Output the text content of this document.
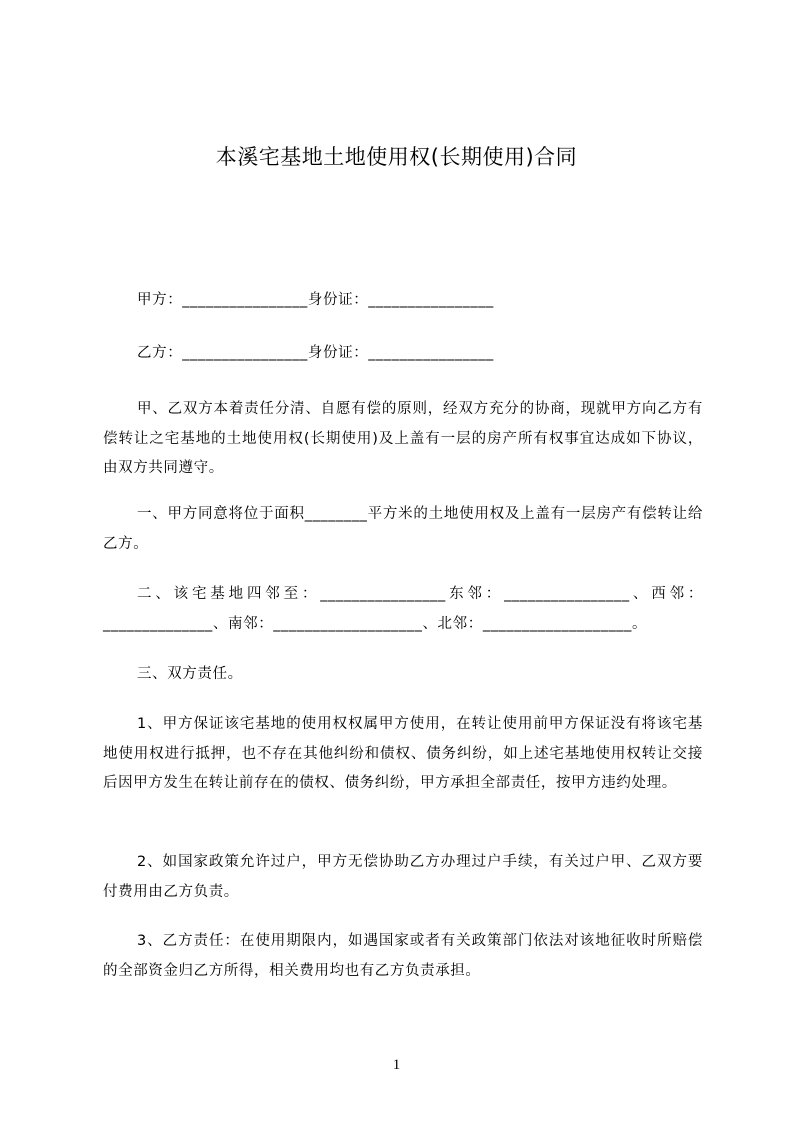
本溪宅基地土地使用权(长期使用)合同
甲方：________________身份证：________________
乙方：________________身份证：________________
甲、乙双方本着责任分清、自愿有偿的原则，经双方充分的协商，现就甲方向乙方有偿转让之宅基地的土地使用权(长期使用)及上盖有一层的房产所有权事宜达成如下协议，由双方共同遵守。
一、甲方同意将位于面积________平方米的土地使用权及上盖有一层房产有偿转让给乙方。
二、该宅基地四邻至：________________东邻：________________、西邻：______________、南邻：___________________、北邻：___________________。
三、双方责任。
1、甲方保证该宅基地的使用权权属甲方使用，在转让使用前甲方保证没有将该宅基地使用权进行抵押，也不存在其他纠纷和债权、债务纠纷，如上述宅基地使用权转让交接后因甲方发生在转让前存在的债权、债务纠纷，甲方承担全部责任，按甲方违约处理。
2、如国家政策允许过户，甲方无偿协助乙方办理过户手续，有关过户甲、乙双方要付费用由乙方负责。
3、乙方责任：在使用期限内，如遇国家或者有关政策部门依法对该地征收时所赔偿的全部资金归乙方所得，相关费用均也有乙方负责承担。
1
